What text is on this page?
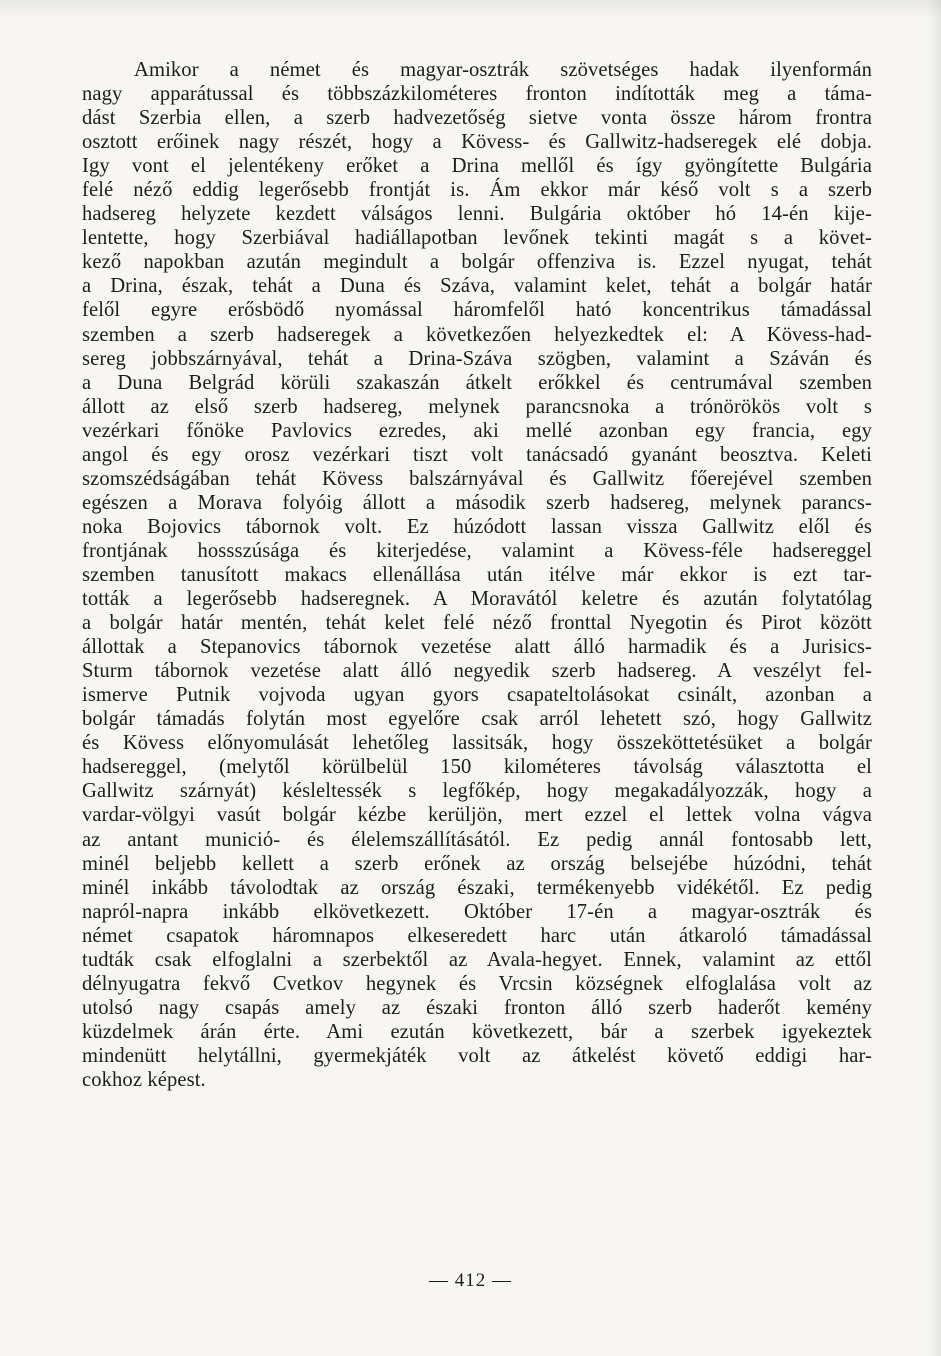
Amikor a német és magyar-osztrák szövetséges hadak ilyenformán
nagy apparátussal és többszázkilométeres fronton indították meg a táma-
dást Szerbia ellen, a szerb hadvezetőség sietve vonta össze három frontra
osztott erőinek nagy részét, hogy a Kövess- és Gallwitz-hadseregek elé dobja.
Igy vont el jelentékeny erőket a Drina mellől és így gyöngítette Bulgária
felé néző eddig legerősebb frontját is. Ám ekkor már késő volt s a szerb
hadsereg helyzete kezdett válságos lenni. Bulgária október hó 14-én kije-
lentette, hogy Szerbiával hadiállapotban levőnek tekinti magát s a követ-
kező napokban azután megindult a bolgár offenziva is. Ezzel nyugat, tehát
a Drina, észak, tehát a Duna és Száva, valamint kelet, tehát a bolgár határ
felől egyre erősbödő nyomással háromfelől ható koncentrikus támadással
szemben a szerb hadseregek a következően helyezkedtek el: A Kövess-had-
sereg jobbszárnyával, tehát a Drina-Száva szögben, valamint a Száván és
a Duna Belgrád körüli szakaszán átkelt erőkkel és centrumával szemben
állott az első szerb hadsereg, melynek parancsnoka a trónörökös volt s
vezérkari főnöke Pavlovics ezredes, aki mellé azonban egy francia, egy
angol és egy orosz vezérkari tiszt volt tanácsadó gyanánt beosztva. Keleti
szomszédságában tehát Kövess balszárnyával és Gallwitz főerejével szemben
egészen a Morava folyóig állott a második szerb hadsereg, melynek parancs-
noka Bojovics tábornok volt. Ez húzódott lassan vissza Gallwitz elől és
frontjának hossszúsága és kiterjedése, valamint a Kövess-féle hadsereggel
szemben tanusított makacs ellenállása után itélve már ekkor is ezt tar-
tották a legerősebb hadseregnek. A Moravától keletre és azután folytatólag
a bolgár határ mentén, tehát kelet felé néző fronttal Nyegotin és Pirot között
állottak a Stepanovics tábornok vezetése alatt álló harmadik és a Jurisics-
Sturm tábornok vezetése alatt álló negyedik szerb hadsereg. A veszélyt fel-
ismerve Putnik vojvoda ugyan gyors csapateltolásokat csinált, azonban a
bolgár támadás folytán most egyelőre csak arról lehetett szó, hogy Gallwitz
és Kövess előnyomulását lehetőleg lassitsák, hogy összeköttetésüket a bolgár
hadsereggel, (melytől körülbelül 150 kilométeres távolság választotta el
Gallwitz szárnyát) késleltessék s legfőkép, hogy megakadályozzák, hogy a
vardar-völgyi vasút bolgár kézbe kerüljön, mert ezzel el lettek volna vágva
az antant municiό- és élelemszállításától. Ez pedig annál fontosabb lett,
minél beljebb kellett a szerb erőnek az ország belsejébe húzódni, tehát
minél inkább távolodtak az ország északi, termékenyebb vidékétől. Ez pedig
napról-napra inkább elkövetkezett. Október 17-én a magyar-osztrák és
német csapatok háromnapos elkeseredett harc után átkaroló támadással
tudták csak elfoglalni a szerbektől az Avala-hegyet. Ennek, valamint az ettől
délnyugatra fekvő Cvetkov hegynek és Vrcsin községnek elfoglalása volt az
utolsó nagy csapás amely az északi fronton álló szerb haderőt kemény
küzdelmek árán érte. Ami ezután következett, bár a szerbek igyekeztek
mindenütt helytállni, gyermekjáték volt az átkelést követő eddigi har-
cokhoz képest.
— 412 —
